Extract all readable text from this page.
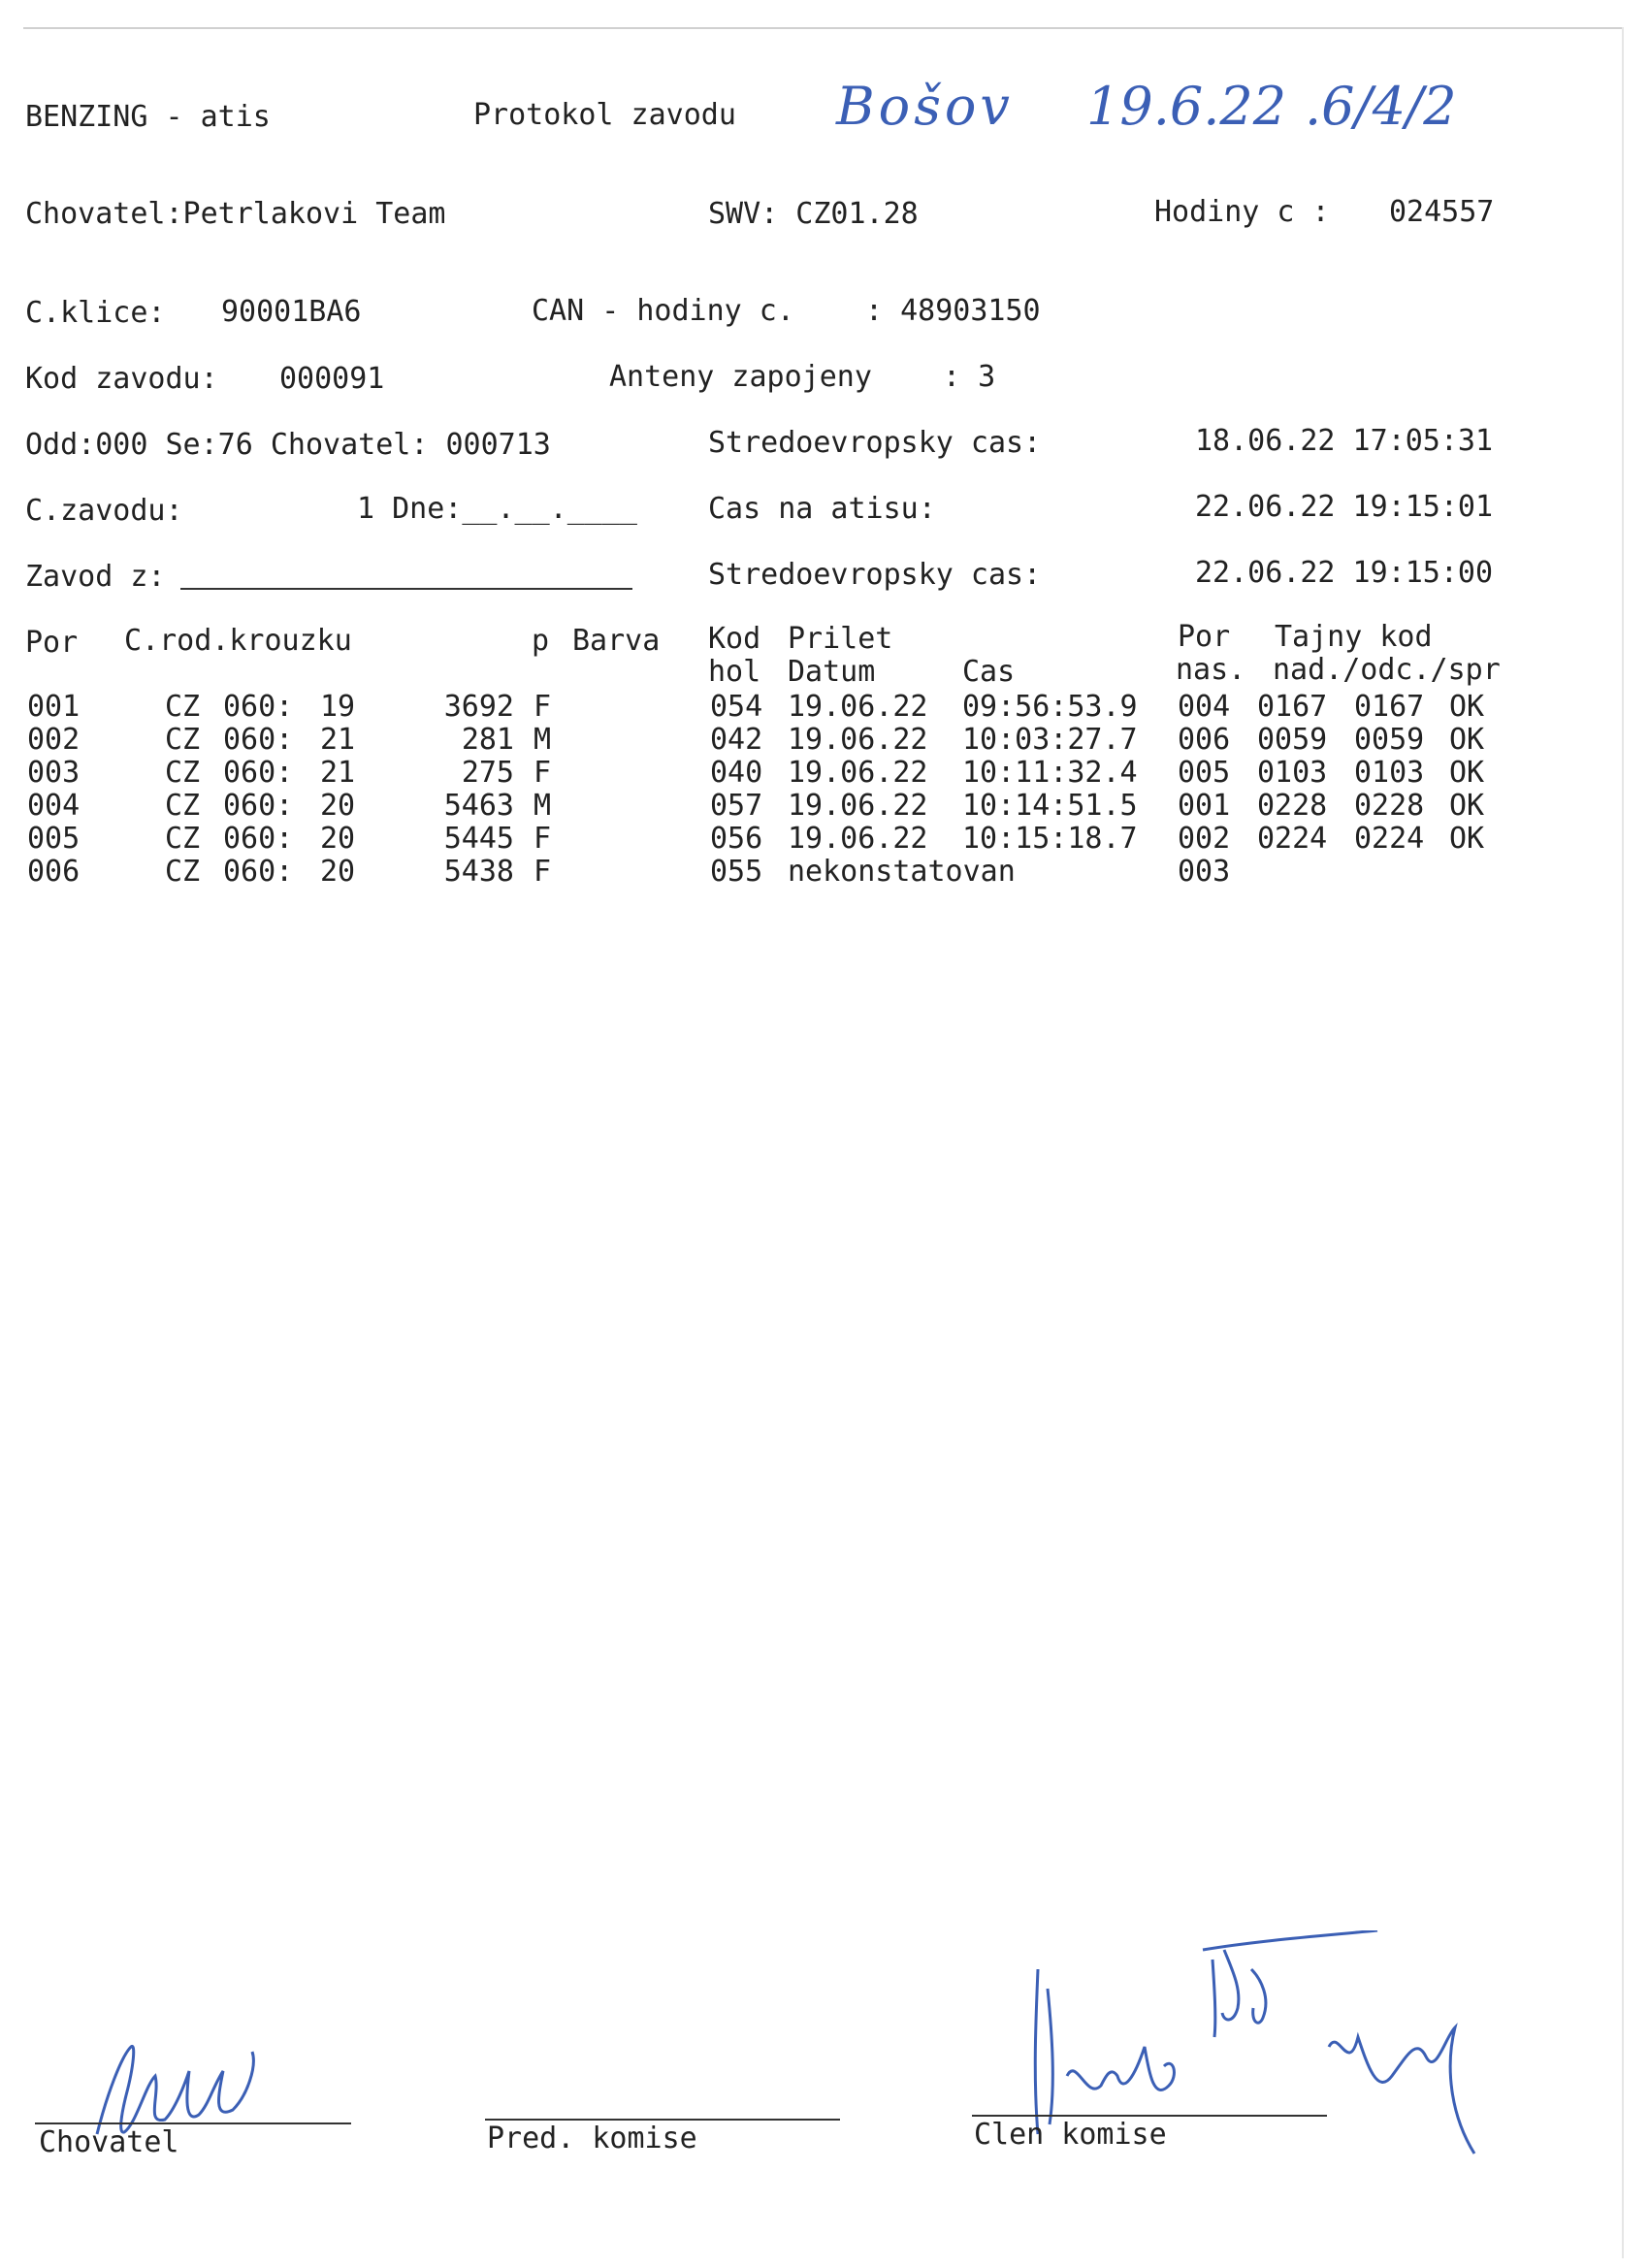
BENZING - atis	Protokol zavodu Bošov 19.6.22 .6/4/2
Chovatel:Petrlakovi Team	SWV: CZ01.28	Hodiny c : 024557
C.klice: 90001BA6	CAN - hodiny c. : 48903150
Kod zavodu: 000091	Anteny zapojeny : 3
Odd:000 Se:76 Chovatel: 000713	Stredoevropsky cas:	18.06.22 17:05:31
C.zavodu:	1 Dne:__.__.____ Cas na atisu:	22.06.22 19:15:01
Zavod z:	Stredoevropsky cas:	22.06.22 19:15:00
Por C.rod.krouzku	p Barva Kod Prilet	Por Tajny kod
hol Datum	Cas	nas. nad./odc./spr
001	CZ 060: 19	3692 F	054 19.06.22 09:56:53.9 004 0167 0167 OK
002	CZ 060: 21	281 M	042 19.06.22 10:03:27.7 006 0059 0059 OK
003	CZ 060: 21	275 F	040 19.06.22 10:11:32.4 005 0103 0103 OK
004	CZ 060: 20	5463 M	057 19.06.22 10:14:51.5 001 0228 0228 OK
005	CZ 060: 20	5445 F	056 19.06.22 10:15:18.7 002 0224 0224 OK
006	CZ 060: 20	5438 F	055 nekonstatovan	003
Chovatel	Pred. komise	Clen komise
